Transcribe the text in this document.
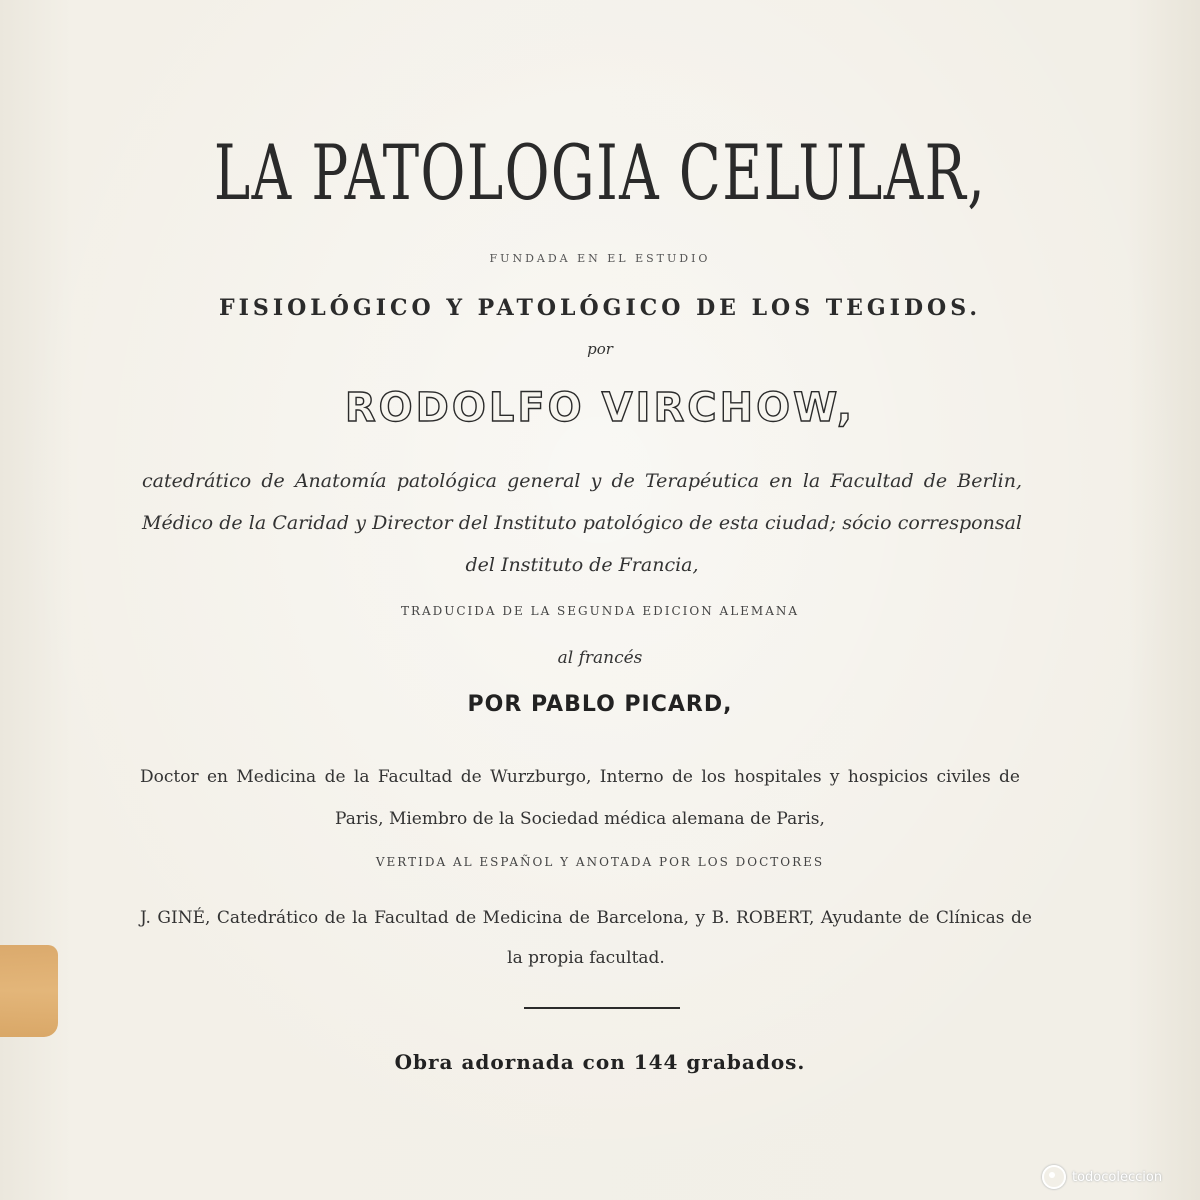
LA PATOLOGIA CELULAR,
FUNDADA EN EL ESTUDIO
FISIOLÓGICO Y PATOLÓGICO DE LOS TEGIDOS.
por
RODOLFO VIRCHOW,
catedrático de Anatomía patológica general y de Terapéutica en la Facultad de Berlin, Médico de la Caridad y Director del Instituto patológico de esta ciudad; sócio corresponsal del Instituto de Francia,
TRADUCIDA DE LA SEGUNDA EDICION ALEMANA
al francés
POR PABLO PICARD,
Doctor en Medicina de la Facultad de Wurzburgo, Interno de los hospitales y hospicios civiles de Paris, Miembro de la Sociedad médica alemana de Paris,
VERTIDA AL ESPAÑOL Y ANOTADA POR LOS DOCTORES
J. GINÉ, Catedrático de la Facultad de Medicina de Barcelona, y B. ROBERT, Ayudante de Clínicas de la propia facultad.
Obra adornada con 144 grabados.
todocoleccion
